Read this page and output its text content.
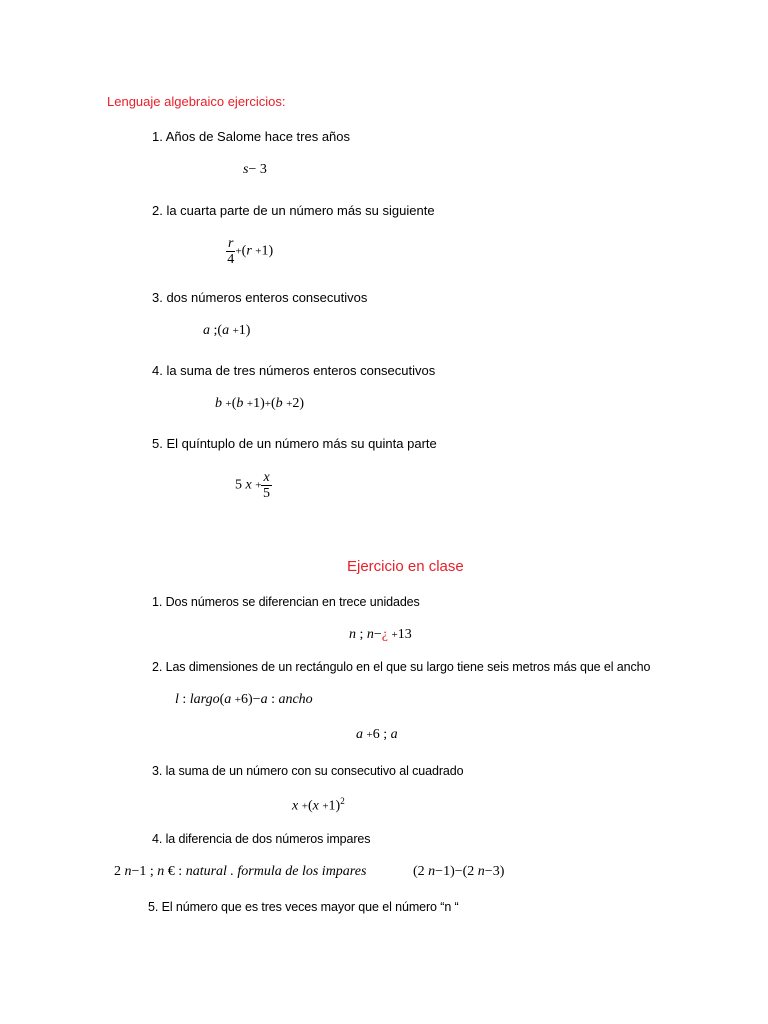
Lenguaje algebraico ejercicios:
1. Años de Salome hace tres años
s− 3
2. la cuarta parte de un número más su siguiente
$\frac{r}{4} +(r +1)$
3. dos números enteros consecutivos
a ;(a +1)
4. la suma de tres números enteros consecutivos
b +(b +1)+(b +2)
5. El quíntuplo de un número más su quinta parte
5 $x + \frac{x}{5}$
Ejercicio en clase
1. Dos números se diferencian en trece unidades
n ; n−¿ +13
2. Las dimensiones de un rectángulo en el que su largo tiene seis metros más que el ancho
l : largo(a +6)−a : ancho
a +6 ; a
3. la suma de un número con su consecutivo al cuadrado
$x +(x +1)^2$
4. la diferencia de dos números impares
2 n−1 ; n € : natural . formula de los impares	(2 n−1)−(2 n−3)
5. El número que es tres veces mayor que el número “n “
